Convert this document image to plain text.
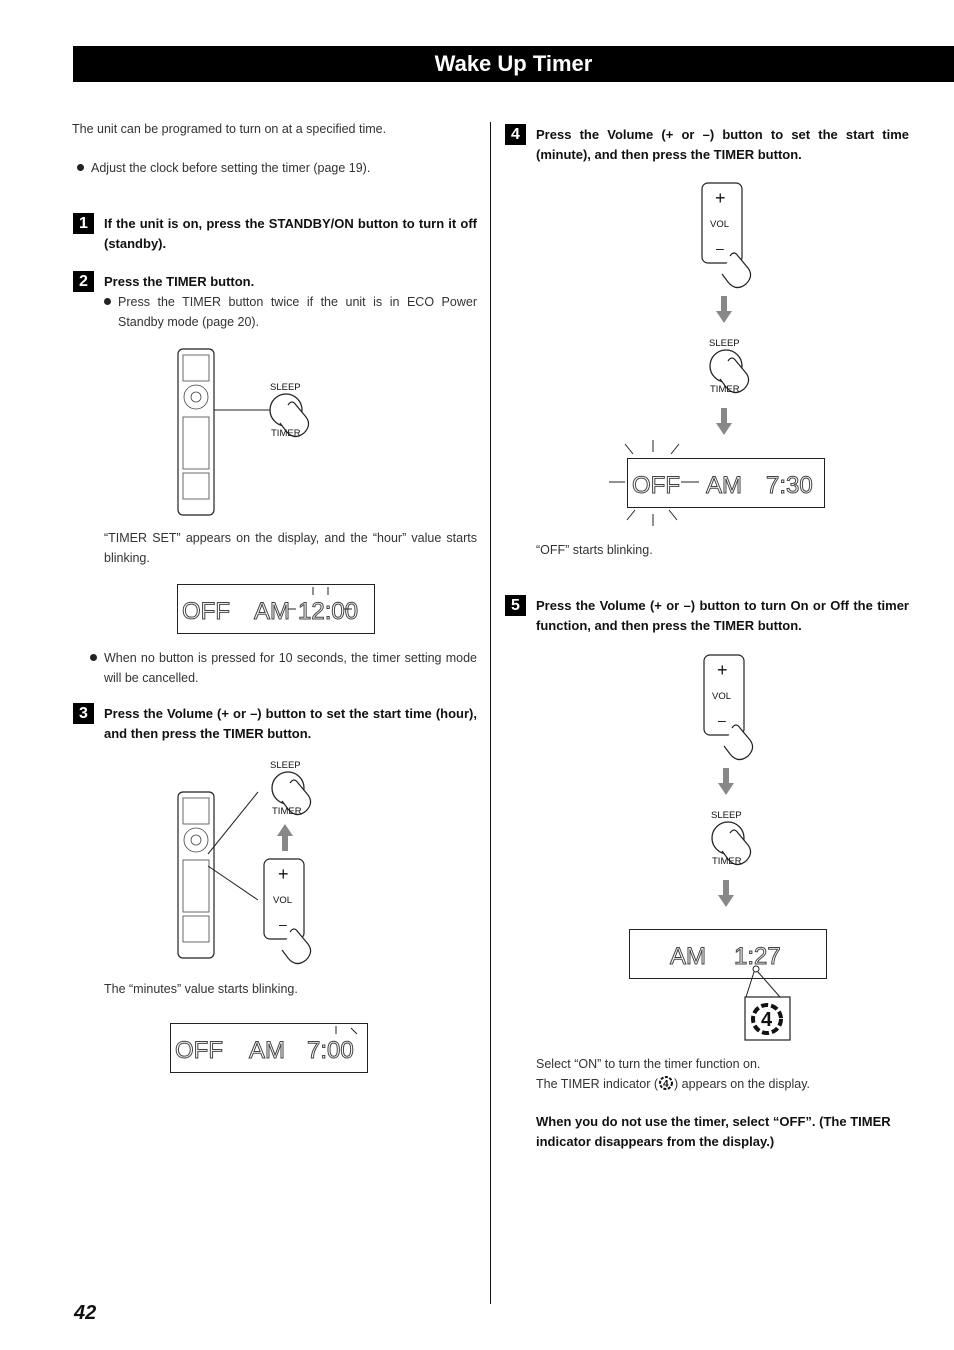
Wake Up Timer
The unit can be programed to turn on at a specified time.
Adjust the clock before setting the timer (page 19).
1	If the unit is on, press the STANDBY/ON button to turn it off (standby).
2	Press the TIMER button.
Press the TIMER button twice if the unit is in ECO Power Standby mode (page 20).
SLEEP
TIMER
“TIMER SET” appears on the display, and the “hour” value starts blinking.
OFF AM 12:00
When no button is pressed for 10 seconds, the timer setting mode will be cancelled.
3	Press the Volume (+ or –) button to set the start time (hour), and then press the TIMER button.
SLEEP
TIMER
+
VOL
–
The “minutes” value starts blinking.
OFF AM 7:00
4	Press the Volume (+ or –) button to set the start time (minute), and then press the TIMER button.
+
VOL
–
SLEEP
TIMER
OFF AM 7:30
“OFF” starts blinking.
5	Press the Volume (+ or –) button to turn On or Off the timer function, and then press the TIMER button.
+
VOL
–
SLEEP
TIMER
AM 1:27
4
Select “ON” to turn the timer function on.
The TIMER indicator ( 4 ) appears on the display.
When you do not use the timer, select “OFF”. (The TIMER indicator disappears from the display.)
42
